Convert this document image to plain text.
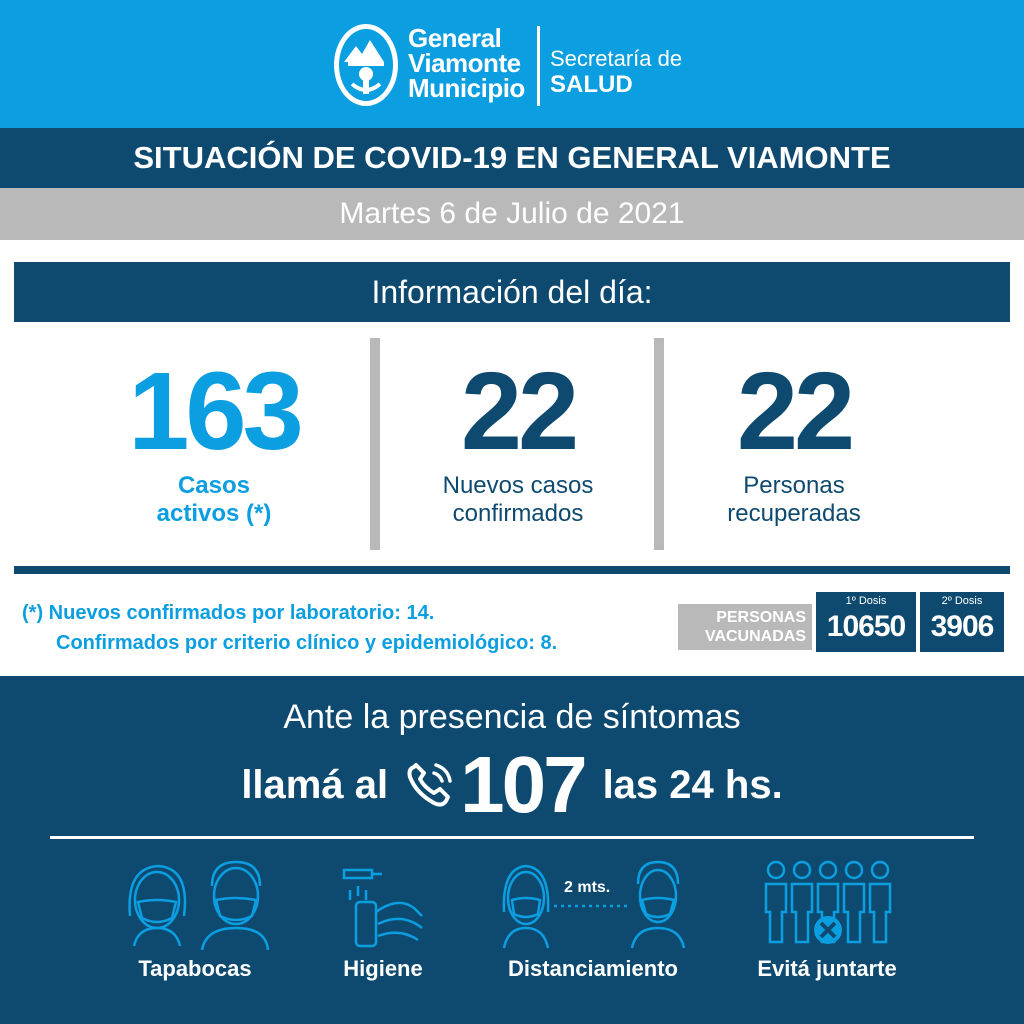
General
Viamonte
Municipio
Secretaría de
SALUD
SITUACIÓN DE COVID-19 EN GENERAL VIAMONTE
Martes 6 de Julio de 2021
Información del día:
163
Casos
activos (*)
22
Nuevos casos
confirmados
22
Personas
recuperadas
(*) Nuevos confirmados por laboratorio: 14.
Confirmados por criterio clínico y epidemiológico: 8.
PERSONAS
VACUNADAS
1º Dosis
10650
2º Dosis
3906
Ante la presencia de síntomas
llamá al 107 las 24 hs.
Tapabocas	Higiene
2 mts.
Distanciamiento	Evitá juntarte
